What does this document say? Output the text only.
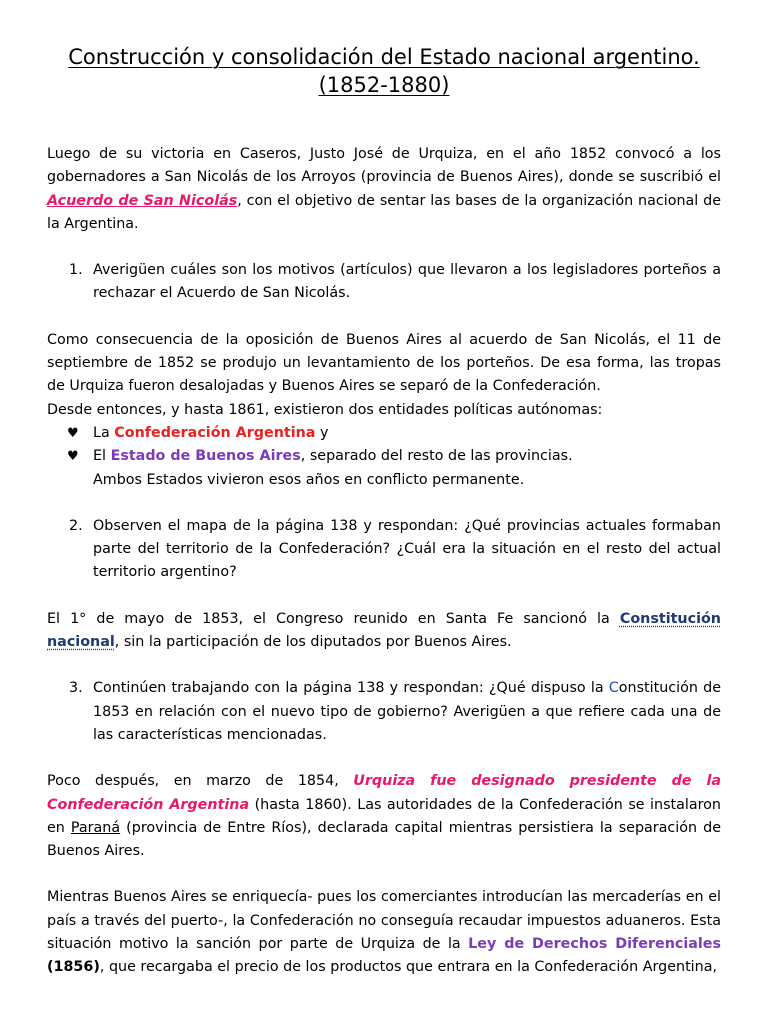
Construcción y consolidación del Estado nacional argentino. (1852-1880)

Luego de su victoria en Caseros, Justo José de Urquiza, en el año 1852 convocó a los gobernadores a San Nicolás de los Arroyos (provincia de Buenos Aires), donde se suscribió el Acuerdo de San Nicolás, con el objetivo de sentar las bases de la organización nacional de la Argentina.

1. Averigüen cuáles son los motivos (artículos) que llevaron a los legisladores porteños a rechazar el Acuerdo de San Nicolás.

Como consecuencia de la oposición de Buenos Aires al acuerdo de San Nicolás, el 11 de septiembre de 1852 se produjo un levantamiento de los porteños. De esa forma, las tropas de Urquiza fueron desalojadas y Buenos Aires se separó de la Confederación.

Desde entonces, y hasta 1861, existieron dos entidades políticas autónomas:

♥ La Confederación Argentina y
♥ El Estado de Buenos Aires, separado del resto de las provincias.

Ambos Estados vivieron esos años en conflicto permanente.

2. Observen el mapa de la página 138 y respondan: ¿Qué provincias actuales formaban parte del territorio de la Confederación? ¿Cuál era la situación en el resto del actual territorio argentino?

El 1° de mayo de 1853, el Congreso reunido en Santa Fe sancionó la Constitución nacional, sin la participación de los diputados por Buenos Aires.

3. Continúen trabajando con la página 138 y respondan: ¿Qué dispuso la Constitución de 1853 en relación con el nuevo tipo de gobierno? Averigüen a que refiere cada una de las características mencionadas.

Poco después, en marzo de 1854, Urquiza fue designado presidente de la Confederación Argentina (hasta 1860). Las autoridades de la Confederación se instalaron en Paraná (provincia de Entre Ríos), declarada capital mientras persistiera la separación de Buenos Aires.

Mientras Buenos Aires se enriquecía- pues los comerciantes introducían las mercaderías en el país a través del puerto-, la Confederación no conseguía recaudar impuestos aduaneros. Esta situación motivo la sanción por parte de Urquiza de la Ley de Derechos Diferenciales (1856), que recargaba el precio de los productos que entrara en la Confederación Argentina,
